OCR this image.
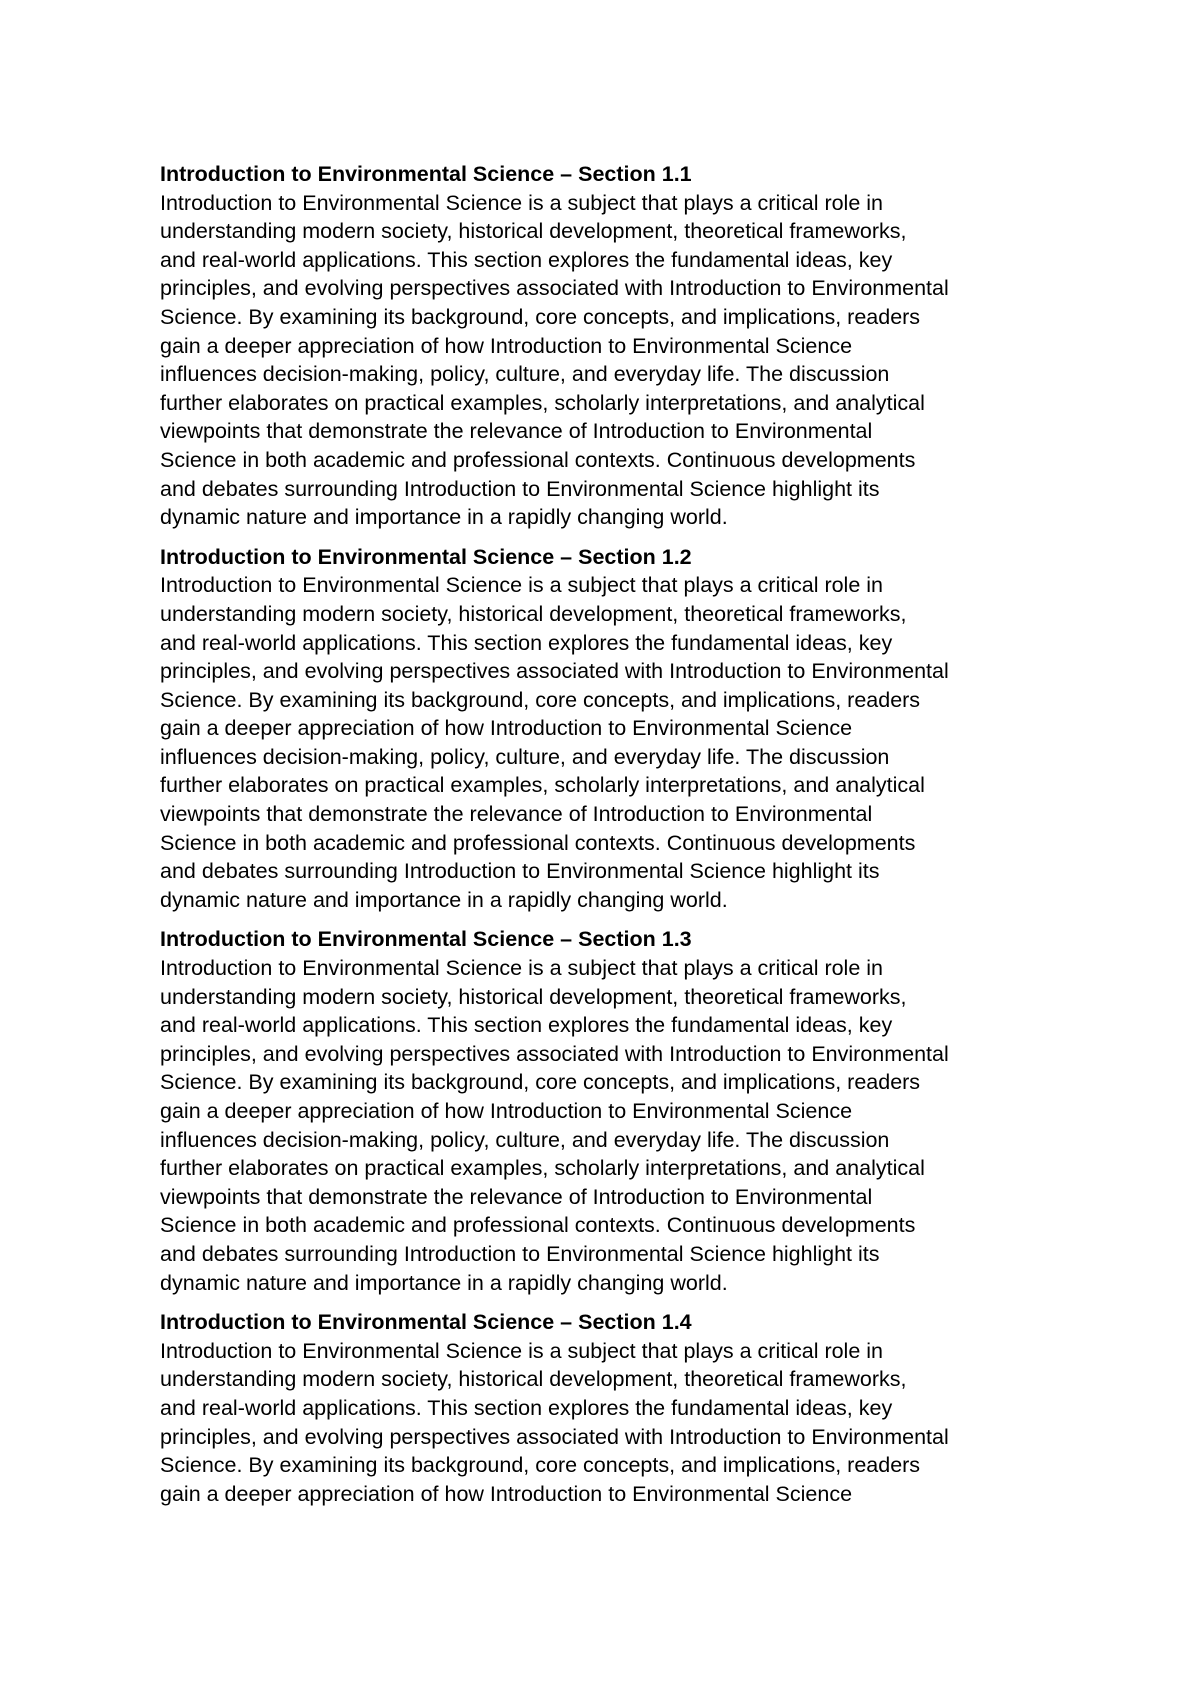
Introduction to Environmental Science – Section 1.1

Introduction to Environmental Science is a subject that plays a critical role in
understanding modern society, historical development, theoretical frameworks,
and real-world applications. This section explores the fundamental ideas, key
principles, and evolving perspectives associated with Introduction to Environmental
Science. By examining its background, core concepts, and implications, readers
gain a deeper appreciation of how Introduction to Environmental Science
influences decision-making, policy, culture, and everyday life. The discussion
further elaborates on practical examples, scholarly interpretations, and analytical
viewpoints that demonstrate the relevance of Introduction to Environmental
Science in both academic and professional contexts. Continuous developments
and debates surrounding Introduction to Environmental Science highlight its
dynamic nature and importance in a rapidly changing world.

Introduction to Environmental Science – Section 1.2

Introduction to Environmental Science is a subject that plays a critical role in
understanding modern society, historical development, theoretical frameworks,
and real-world applications. This section explores the fundamental ideas, key
principles, and evolving perspectives associated with Introduction to Environmental
Science. By examining its background, core concepts, and implications, readers
gain a deeper appreciation of how Introduction to Environmental Science
influences decision-making, policy, culture, and everyday life. The discussion
further elaborates on practical examples, scholarly interpretations, and analytical
viewpoints that demonstrate the relevance of Introduction to Environmental
Science in both academic and professional contexts. Continuous developments
and debates surrounding Introduction to Environmental Science highlight its
dynamic nature and importance in a rapidly changing world.

Introduction to Environmental Science – Section 1.3

Introduction to Environmental Science is a subject that plays a critical role in
understanding modern society, historical development, theoretical frameworks,
and real-world applications. This section explores the fundamental ideas, key
principles, and evolving perspectives associated with Introduction to Environmental
Science. By examining its background, core concepts, and implications, readers
gain a deeper appreciation of how Introduction to Environmental Science
influences decision-making, policy, culture, and everyday life. The discussion
further elaborates on practical examples, scholarly interpretations, and analytical
viewpoints that demonstrate the relevance of Introduction to Environmental
Science in both academic and professional contexts. Continuous developments
and debates surrounding Introduction to Environmental Science highlight its
dynamic nature and importance in a rapidly changing world.

Introduction to Environmental Science – Section 1.4

Introduction to Environmental Science is a subject that plays a critical role in
understanding modern society, historical development, theoretical frameworks,
and real-world applications. This section explores the fundamental ideas, key
principles, and evolving perspectives associated with Introduction to Environmental
Science. By examining its background, core concepts, and implications, readers
gain a deeper appreciation of how Introduction to Environmental Science
